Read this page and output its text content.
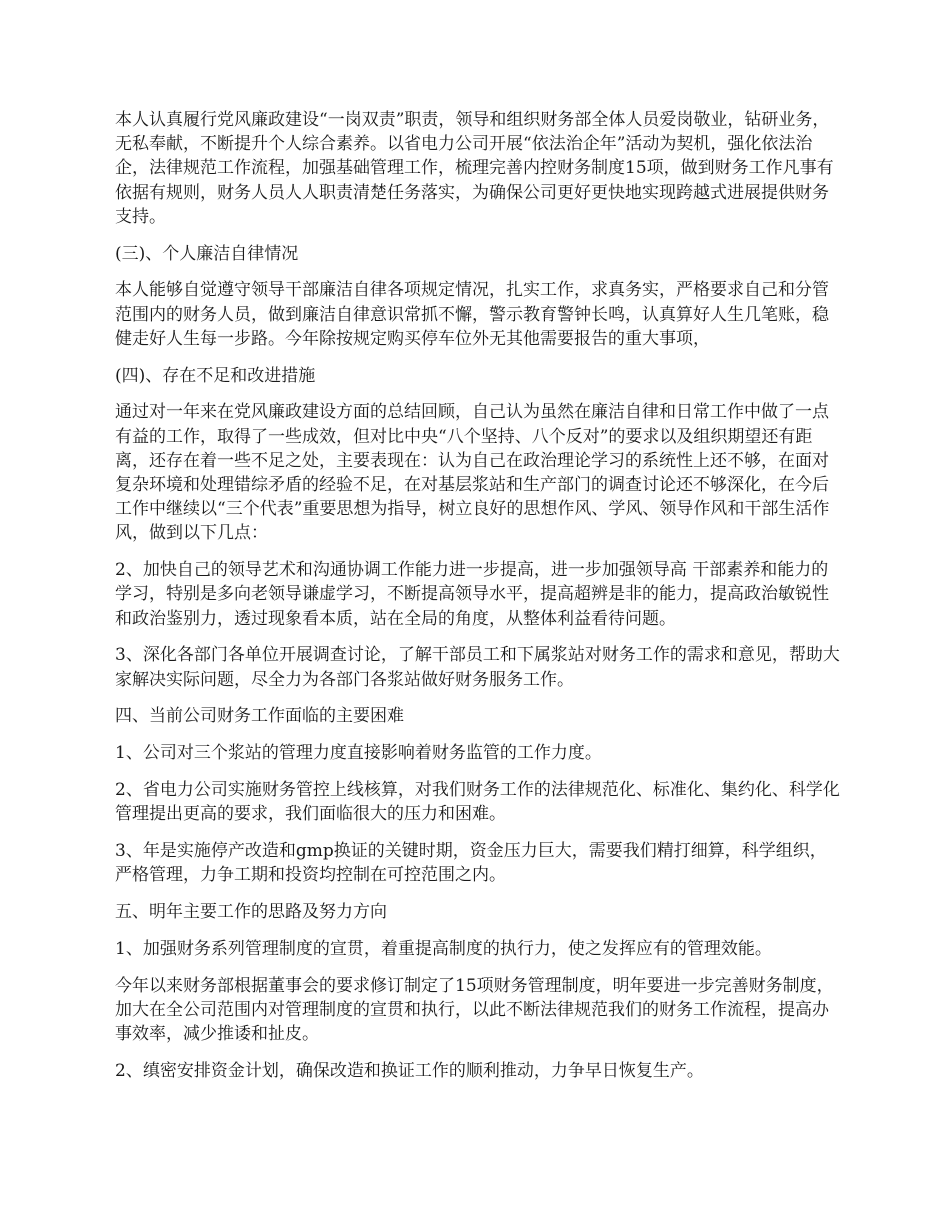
本人认真履行党风廉政建设“一岗双责”职责，领导和组织财务部全体人员爱岗敬业，钻研业务，无私奉献，不断提升个人综合素养。以省电力公司开展“依法治企年”活动为契机，强化依法治企，法律规范工作流程，加强基础管理工作，梳理完善内控财务制度15项，做到财务工作凡事有依据有规则，财务人员人人职责清楚任务落实，为确保公司更好更快地实现跨越式进展提供财务支持。

(三)、个人廉洁自律情况

本人能够自觉遵守领导干部廉洁自律各项规定情况，扎实工作，求真务实，严格要求自己和分管范围内的财务人员，做到廉洁自律意识常抓不懈，警示教育警钟长鸣，认真算好人生几笔账，稳健走好人生每一步路。今年除按规定购买停车位外无其他需要报告的重大事项，

(四)、存在不足和改进措施

通过对一年来在党风廉政建设方面的总结回顾，自己认为虽然在廉洁自律和日常工作中做了一点有益的工作，取得了一些成效，但对比中央“八个坚持、八个反对”的要求以及组织期望还有距离，还存在着一些不足之处，主要表现在：认为自己在政治理论学习的系统性上还不够，在面对复杂环境和处理错综矛盾的经验不足，在对基层浆站和生产部门的调查讨论还不够深化，在今后工作中继续以“三个代表”重要思想为指导，树立良好的思想作风、学风、领导作风和干部生活作风，做到以下几点：

2、加快自己的领导艺术和沟通协调工作能力进一步提高，进一步加强领导高 干部素养和能力的学习，特别是多向老领导谦虚学习，不断提高领导水平，提高超辨是非的能力，提高政治敏锐性和政治鉴别力，透过现象看本质，站在全局的角度，从整体利益看待问题。

3、深化各部门各单位开展调查讨论，了解干部员工和下属浆站对财务工作的需求和意见，帮助大家解决实际问题，尽全力为各部门各浆站做好财务服务工作。

四、当前公司财务工作面临的主要困难

1、公司对三个浆站的管理力度直接影响着财务监管的工作力度。

2、省电力公司实施财务管控上线核算，对我们财务工作的法律规范化、标准化、集约化、科学化管理提出更高的要求，我们面临很大的压力和困难。

3、年是实施停产改造和gmp换证的关键时期，资金压力巨大，需要我们精打细算，科学组织，严格管理，力争工期和投资均控制在可控范围之内。

五、明年主要工作的思路及努力方向

1、加强财务系列管理制度的宣贯，着重提高制度的执行力，使之发挥应有的管理效能。

今年以来财务部根据董事会的要求修订制定了15项财务管理制度，明年要进一步完善财务制度，加大在全公司范围内对管理制度的宣贯和执行，以此不断法律规范我们的财务工作流程，提高办事效率，减少推诿和扯皮。

2、缜密安排资金计划，确保改造和换证工作的顺利推动，力争早日恢复生产。
